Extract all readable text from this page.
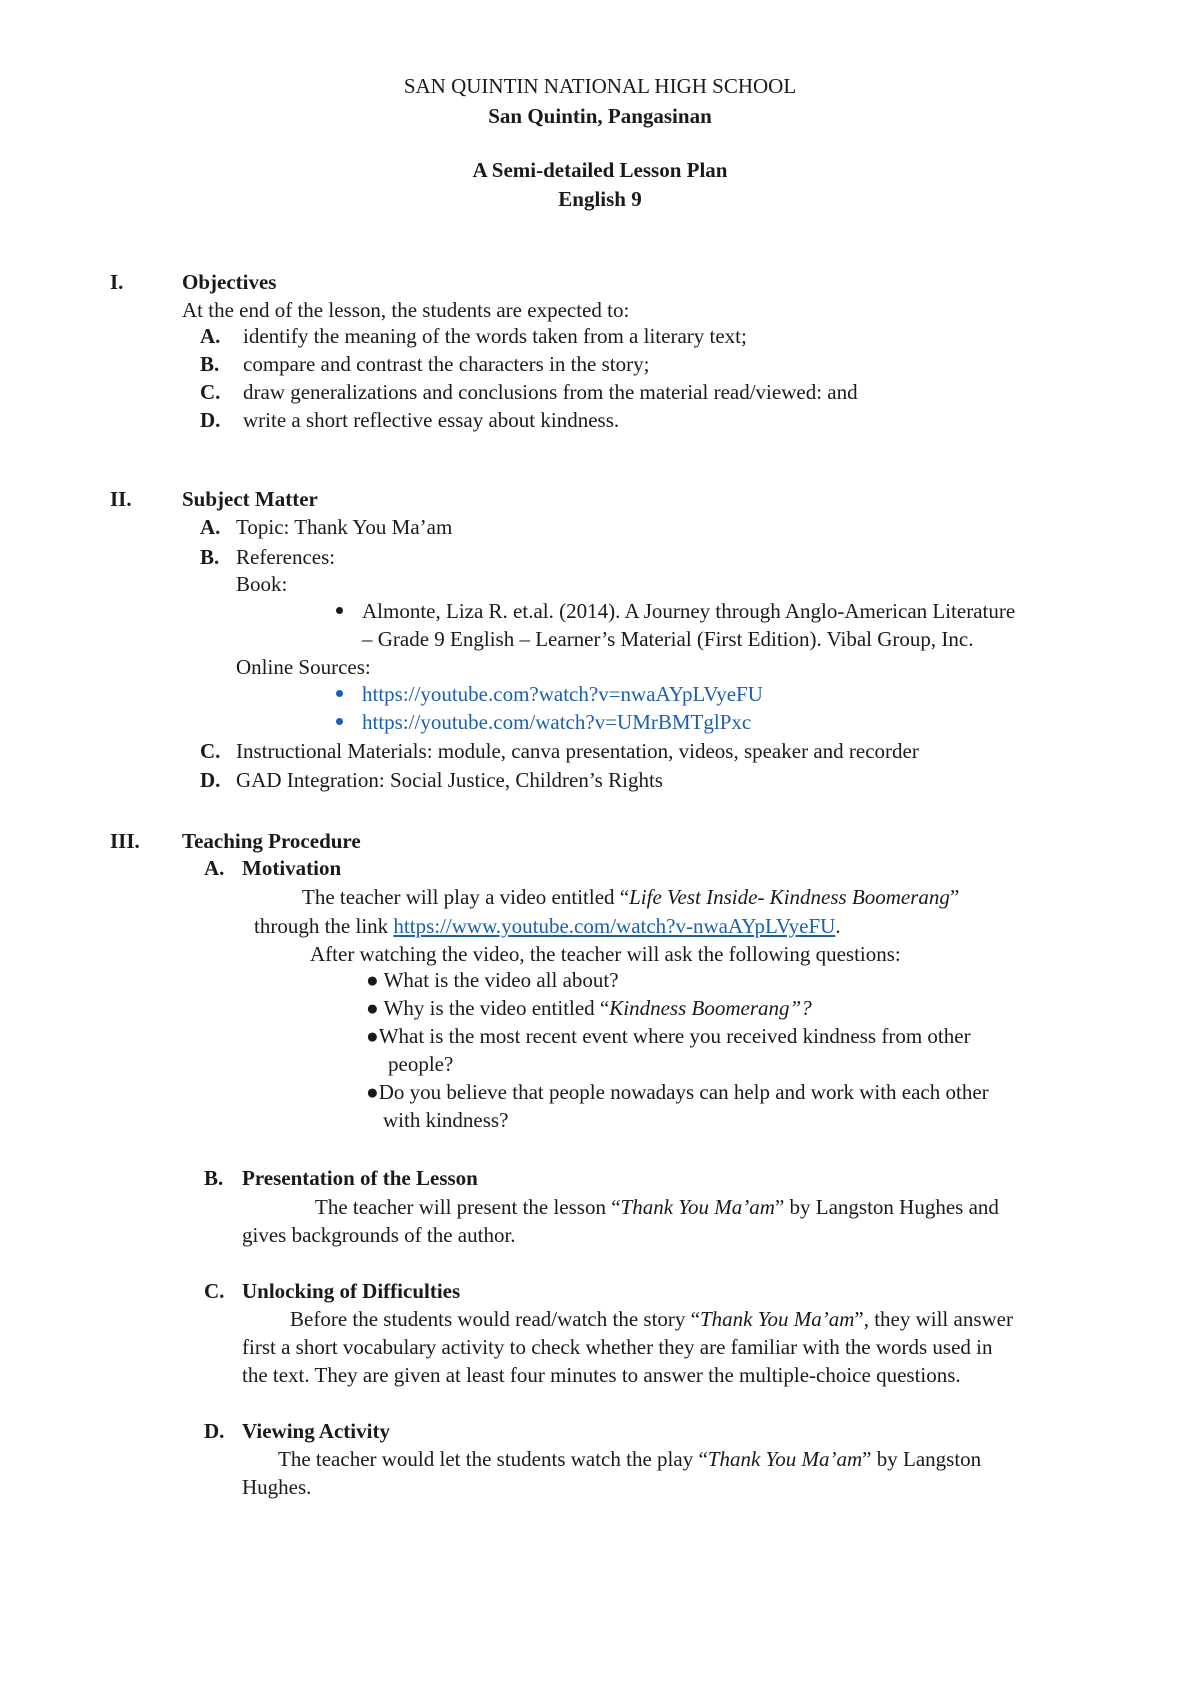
SAN QUINTIN NATIONAL HIGH SCHOOL
San Quintin, Pangasinan
A Semi-detailed Lesson Plan
English 9
I.	Objectives
At the end of the lesson, the students are expected to:
A. identify the meaning of the words taken from a literary text;
B. compare and contrast the characters in the story;
C. draw generalizations and conclusions from the material read/viewed: and
D. write a short reflective essay about kindness.
II. Subject Matter
A. Topic: Thank You Ma’am
B. References:
Book:
Almonte, Liza R. et.al. (2014). A Journey through Anglo-American Literature
– Grade 9 English – Learner’s Material (First Edition). Vibal Group, Inc.
Online Sources:
https://youtube.com?watch?v=nwaAYpLVyeFU
https://youtube.com/watch?v=UMrBMTglPxc
C. Instructional Materials: module, canva presentation, videos, speaker and recorder
D. GAD Integration: Social Justice, Children’s Rights
III. Teaching Procedure
A. Motivation
The teacher will play a video entitled “Life Vest Inside- Kindness Boomerang”
through the link https://www.youtube.com/watch?v-nwaAYpLVyeFU.
After watching the video, the teacher will ask the following questions:
● What is the video all about?
● Why is the video entitled “Kindness Boomerang”?
●What is the most recent event where you received kindness from other
people?
●Do you believe that people nowadays can help and work with each other
with kindness?
B. Presentation of the Lesson
The teacher will present the lesson “Thank You Ma’am” by Langston Hughes and
gives backgrounds of the author.
C. Unlocking of Difficulties
Before the students would read/watch the story “Thank You Ma’am”, they will answer
first a short vocabulary activity to check whether they are familiar with the words used in
the text. They are given at least four minutes to answer the multiple-choice questions.
D. Viewing Activity
The teacher would let the students watch the play “Thank You Ma’am” by Langston
Hughes.
